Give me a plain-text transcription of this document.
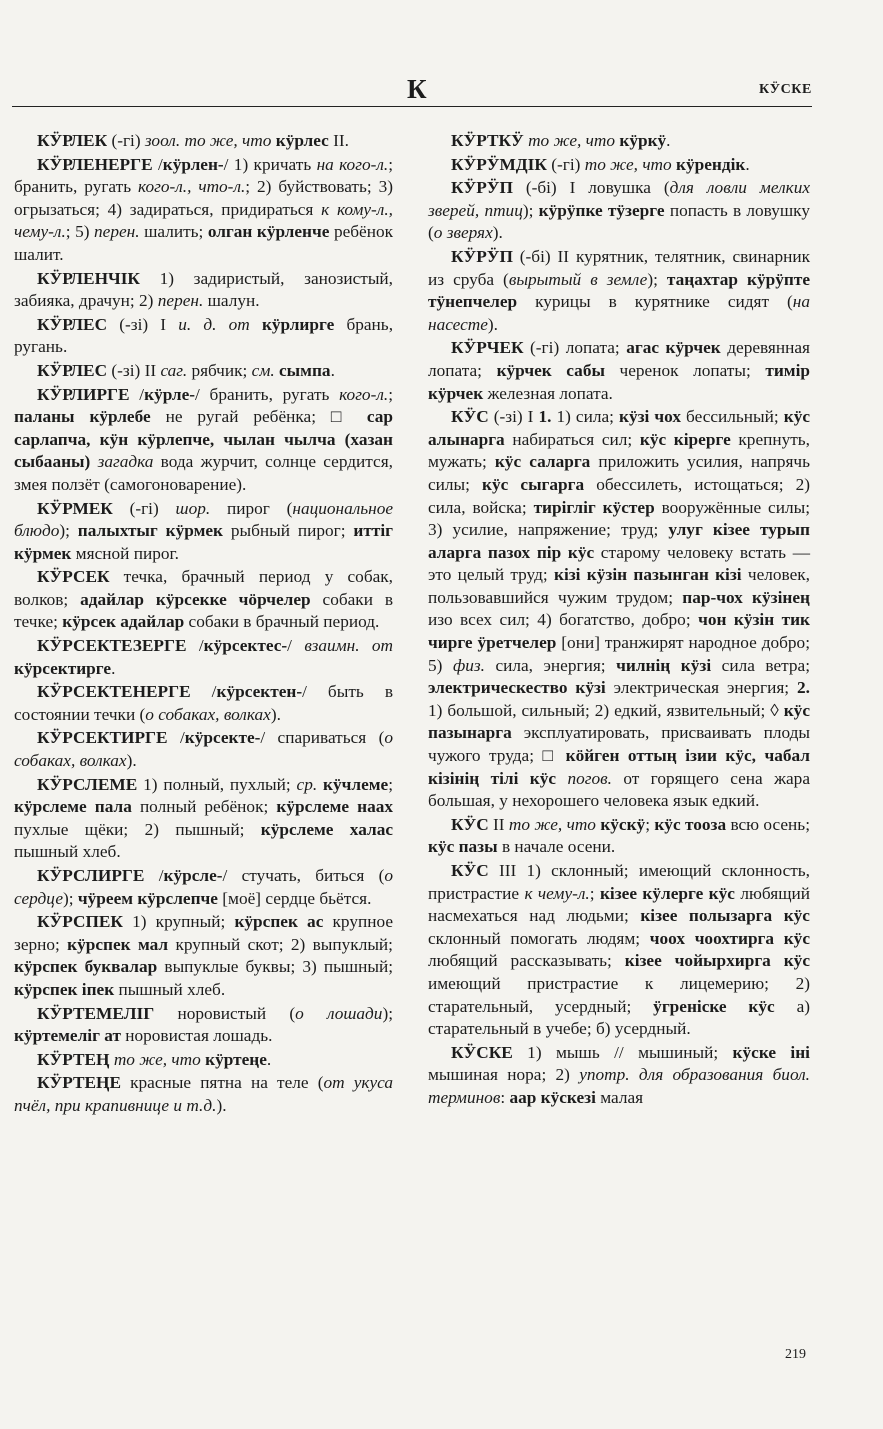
К	КӰСКЕ

КӰРЛЕК (-гі) зоол. то же, что кӱрлес II.

КӰРЛЕНЕРГЕ /кӱрлен-/ 1) кричать на кого-л.; бранить, ругать кого-л., что-л.; 2) буйствовать; 3) огрызаться; 4) задираться, придираться к кому-л., чему-л.; 5) перен. шалить; олган кӱрленче ребёнок шалит.

КӰРЛЕНЧІК 1) задиристый, занозистый, забияка, драчун; 2) перен. шалун.

КӰРЛЕС (-зі) I и. д. от кӱрлирге брань, ругань.

КӰРЛЕС (-зі) II саг. рябчик; см. сымпа.

КӰРЛИРГЕ /кӱрле-/ бранить, ругать кого-л.; паланы кӱрлебе не ругай ребёнка; □ сар сарлапча, кӱн кӱрлепче, чылан чылча (хазан сыбааны) загадка вода журчит, солнце сердится, змея ползёт (самогоноварение).

КӰРМЕК (-гі) шор. пирог (национальное блюдо); палыхтыг кӱрмек рыбный пирог; иттіг кӱрмек мясной пирог.

КӰРСЕК течка, брачный период у собак, волков; адайлар кӱрсекке чӧрчелер собаки в течке; кӱрсек адайлар собаки в брачный период.

КӰРСЕКТЕЗЕРГЕ /кӱрсектес-/ взаимн. от кӱрсектирге.

КӰРСЕКТЕНЕРГЕ /кӱрсектен-/ быть в состоянии течки (о собаках, волках).

КӰРСЕКТИРГЕ /кӱрсекте-/ спариваться (о собаках, волках).

КӰРСЛЕМЕ 1) полный, пухлый; ср. кӱчлеме; кӱрслеме пала полный ребёнок; кӱрслеме наах пухлые щёки; 2) пышный; кӱрслеме халас пышный хлеб.

КӰРСЛИРГЕ /кӱрсле-/ стучать, биться (о сердце); чӱреем кӱрслепче [моё] сердце бьётся.

КӰРСПЕК 1) крупный; кӱрспек ас крупное зерно; кӱрспек мал крупный скот; 2) выпуклый; кӱрспек буквалар выпуклые буквы; 3) пышный; кӱрспек іпек пышный хлеб.

КӰРТЕМЕЛІГ норовистый (о лошади); кӱртемеліг ат норовистая лошадь.

КӰРТЕҢ то же, что кӱртеңе.

КӰРТЕҢЕ красные пятна на теле (от укуса пчёл, при крапивнице и т.д.).

КӰРТКӰ то же, что кӱркӱ.

КӰРӰМДІК (-гі) то же, что кӱрендік.

КӰРӰП (-бі) I ловушка (для ловли мелких зверей, птиц); кӱрӱпке тӱзерге попасть в ловушку (о зверях).

КӰРӰП (-бі) II курятник, телятник, свинарник из сруба (вырытый в земле); таңахтар кӱрӱпте тӱнепчелер курицы в курятнике сидят (на насесте).

КӰРЧЕК (-гі) лопата; агас кӱрчек деревянная лопата; кӱрчек сабы черенок лопаты; тимір кӱрчек железная лопата.

КӰС (-зі) I 1. 1) сила; кӱзі чох бессильный; кӱс алынарга набираться сил; кӱс кірерге крепнуть, мужать; кӱс саларга приложить усилия, напрячь силы; кӱс сыгарга обессилеть, истощаться; 2) сила, войска; тирігліг кӱстер вооружённые силы; 3) усилие, напряжение; труд; улуг кізее турып аларга пазох пір кӱс старому человеку встать — это целый труд; кізі кӱзін пазынган кізі человек, пользовавшийся чужим трудом; пар-чох кӱзінең изо всех сил; 4) богатство, добро; чон кӱзін тик чирге ӱретчелер [они] транжирят народное добро; 5) физ. сила, энергия; чилнің кӱзі сила ветра; электрическество кӱзі электрическая энергия; 2. 1) большой, сильный; 2) едкий, язвительный; ◊ кӱс пазынарга эксплуатировать, присваивать плоды чужого труда; □ кӧйген оттың ізии кӱс, чабал кізінің тілі кӱс погов. от горящего сена жара большая, у нехорошего человека язык едкий.

КӰС II то же, что кӱскӱ; кӱс тооза всю осень; кӱс пазы в начале осени.

КӰС III 1) склонный; имеющий склонность, пристрастие к чему-л.; кізее кӱлерге кӱс любящий насмехаться над людьми; кізее полызарга кӱс склонный помогать людям; чоох чоохтирга кӱс любящий рассказывать; кізее чойырхирга кӱс имеющий пристрастие к лицемерию; 2) старательный, усердный; ӱгреніске кӱс а) старательный в учебе; б) усердный.

КӰСКЕ 1) мышь // мышиный; кӱске іні мышиная нора; 2) употр. для образования биол. терминов: аар кӱскезі малая

219
